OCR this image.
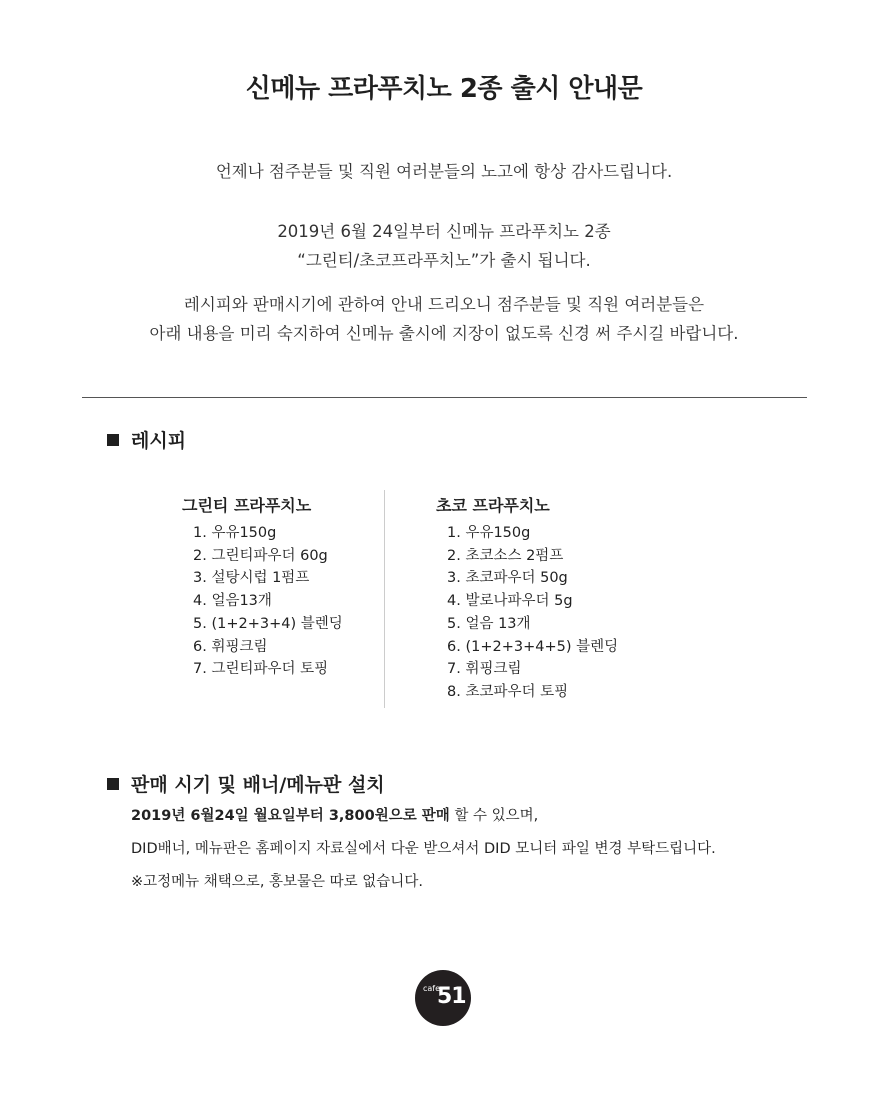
신메뉴 프라푸치노 2종 출시 안내문

언제나 점주분들 및 직원 여러분들의 노고에 항상 감사드립니다.

2019년 6월 24일부터 신메뉴 프라푸치노 2종

“그린티/초코프라푸치노”가 출시 됩니다.

레시피와 판매시기에 관하여 안내 드리오니 점주분들 및 직원 여러분들은

아래 내용을 미리 숙지하여 신메뉴 출시에 지장이 없도록 신경 써 주시길 바랍니다.

레시피
그린티 프라푸치노
1. 우유150g
2. 그린티파우더 60g
3. 설탕시럽 1펌프
4. 얼음13개
5. (1+2+3+4) 블렌딩
6. 휘핑크림
7. 그린티파우더 토핑
초코 프라푸치노
1. 우유150g
2. 초코소스 2펌프
3. 초코파우더 50g
4. 발로나파우더 5g
5. 얼음 13개
6. (1+2+3+4+5) 블렌딩
7. 휘핑크림
8. 초코파우더 토핑
판매 시기 및 배너/메뉴판 설치

2019년 6월24일 월요일부터 3,800원으로 판매 할 수 있으며,

DID배너, 메뉴판은 홈페이지 자료실에서 다운 받으셔서 DID 모니터 파일 변경 부탁드립니다.

※고정메뉴 채택으로, 홍보물은 따로 없습니다.

cafe
51
